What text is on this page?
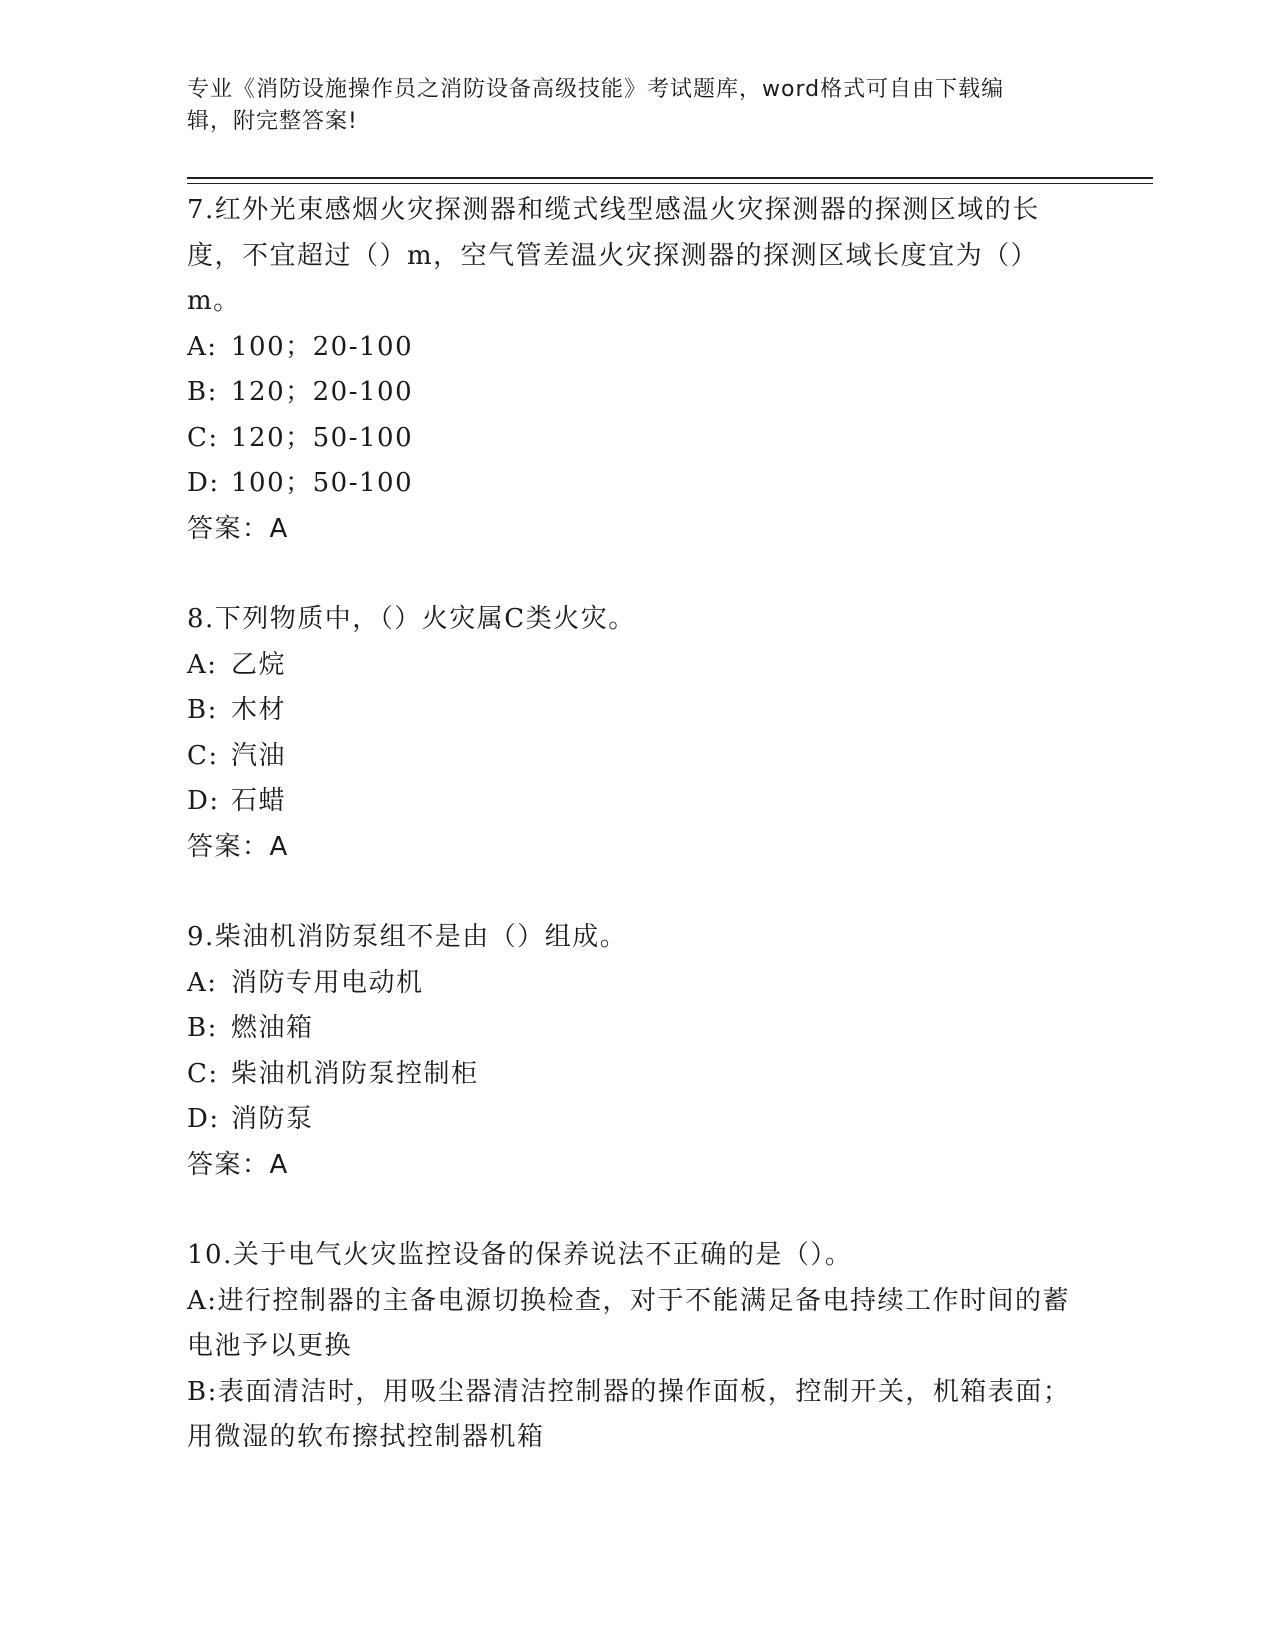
专业《消防设施操作员之消防设备高级技能》考试题库，word格式可自由下载编
辑，附完整答案!
7.红外光束感烟火灾探测器和缆式线型感温火灾探测器的探测区域的长度，不宜超过（）m，空气管差温火灾探测器的探测区域长度宜为（）m。
A: 100；20-100
B: 120；20-100
C: 120；50-100
D: 100；50-100
答案：A
8.下列物质中，（）火灾属C类火灾。
A: 乙烷
B: 木材
C: 汽油
D: 石蜡
答案：A
9.柴油机消防泵组不是由（）组成。
A: 消防专用电动机
B: 燃油箱
C: 柴油机消防泵控制柜
D: 消防泵
答案：A
10.关于电气火灾监控设备的保养说法不正确的是（）。
A:进行控制器的主备电源切换检查，对于不能满足备电持续工作时间的蓄电池予以更换
B:表面清洁时，用吸尘器清洁控制器的操作面板，控制开关，机箱表面；用微湿的软布擦拭控制器机箱
